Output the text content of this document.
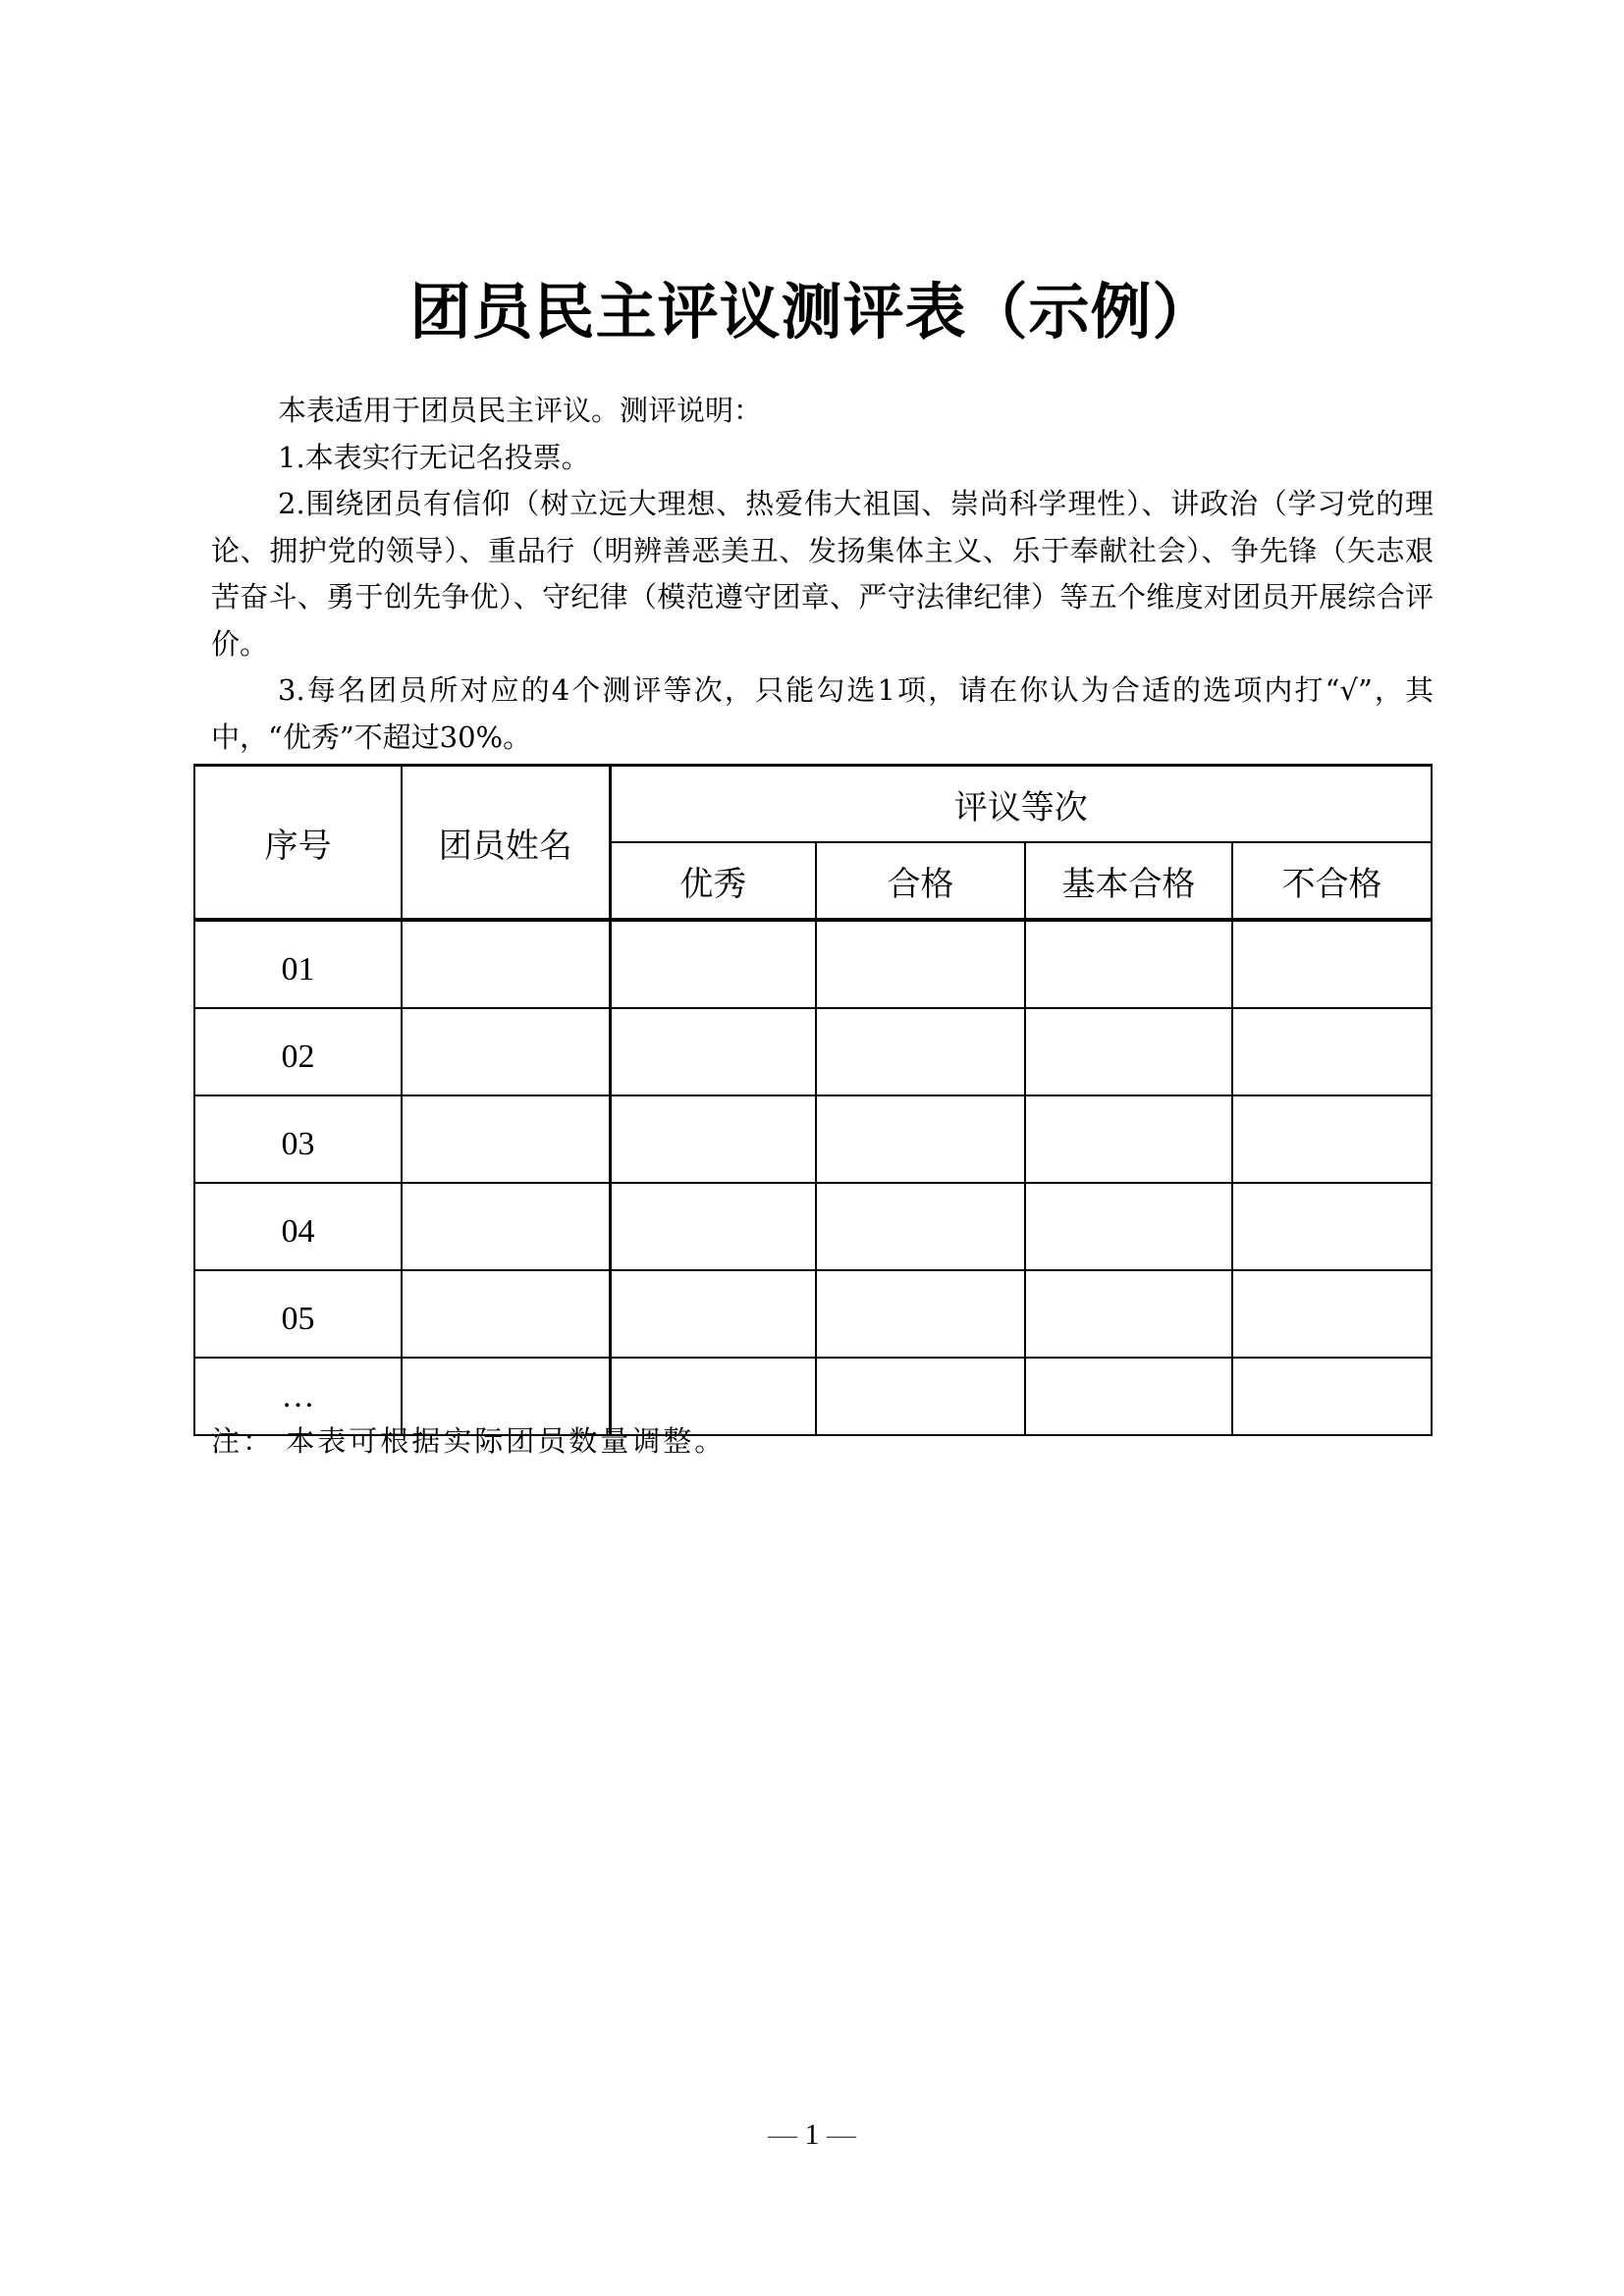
团员民主评议测评表（示例）

本表适用于团员民主评议。测评说明：

1.本表实行无记名投票。

2.围绕团员有信仰（树立远大理想、热爱伟大祖国、崇尚科学理性）、讲政治（学习党的理论、拥护党的领导）、重品行（明辨善恶美丑、发扬集体主义、乐于奉献社会）、争先锋（矢志艰苦奋斗、勇于创先争优）、守纪律（模范遵守团章、严守法律纪律）等五个维度对团员开展综合评价。

3.每名团员所对应的4个测评等次，只能勾选1项，请在你认为合适的选项内打“√”，其中，“优秀”不超过30%。

序号	团员姓名	评议等次			
		优秀	合格	基本合格	不合格
01					
02					
03					
04					
05					
…					
注： 本表可根据实际团员数量调整。
— 1 —
